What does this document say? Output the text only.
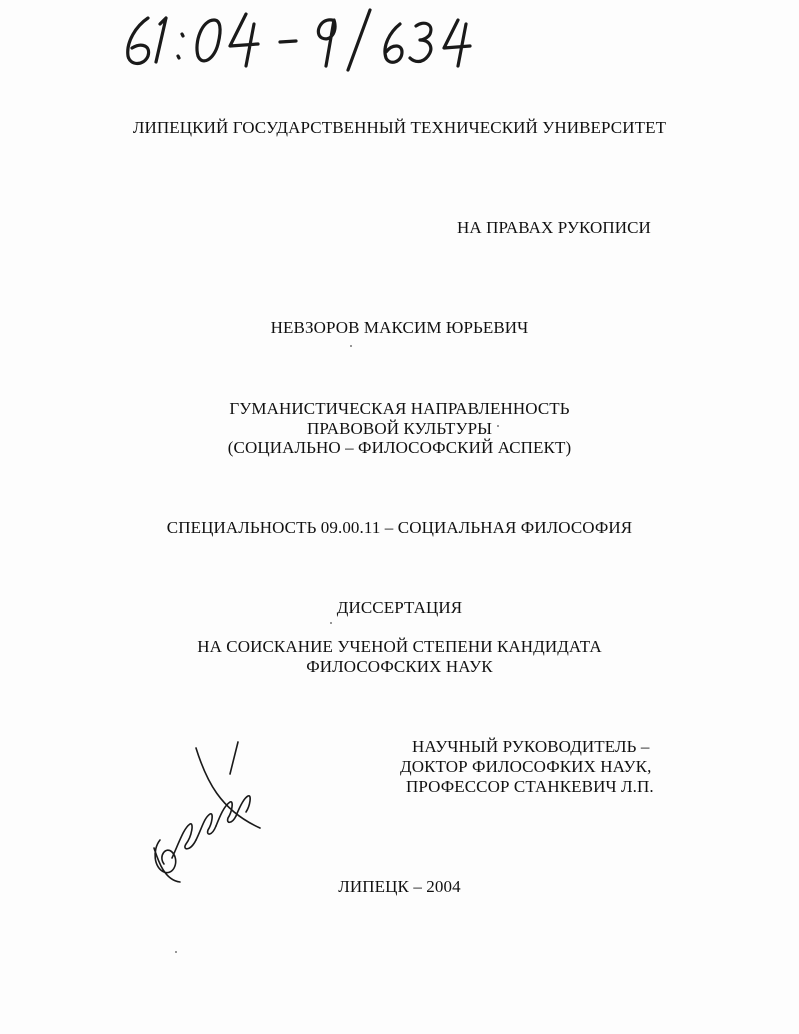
ЛИПЕЦКИЙ ГОСУДАРСТВЕННЫЙ ТЕХНИЧЕСКИЙ УНИВЕРСИТЕТ
НА ПРАВАХ РУКОПИСИ
НЕВЗОРОВ МАКСИМ ЮРЬЕВИЧ
ГУМАНИСТИЧЕСКАЯ НАПРАВЛЕННОСТЬ
ПРАВОВОЙ КУЛЬТУРЫ
(СОЦИАЛЬНО – ФИЛОСОФСКИЙ АСПЕКТ)
СПЕЦИАЛЬНОСТЬ 09.00.11 – СОЦИАЛЬНАЯ ФИЛОСОФИЯ
ДИССЕРТАЦИЯ
НА СОИСКАНИЕ УЧЕНОЙ СТЕПЕНИ КАНДИДАТА
ФИЛОСОФСКИХ НАУК
НАУЧНЫЙ РУКОВОДИТЕЛЬ –
ДОКТОР ФИЛОСОФКИХ НАУК,
ПРОФЕССОР СТАНКЕВИЧ Л.П.
ЛИПЕЦК – 2004
